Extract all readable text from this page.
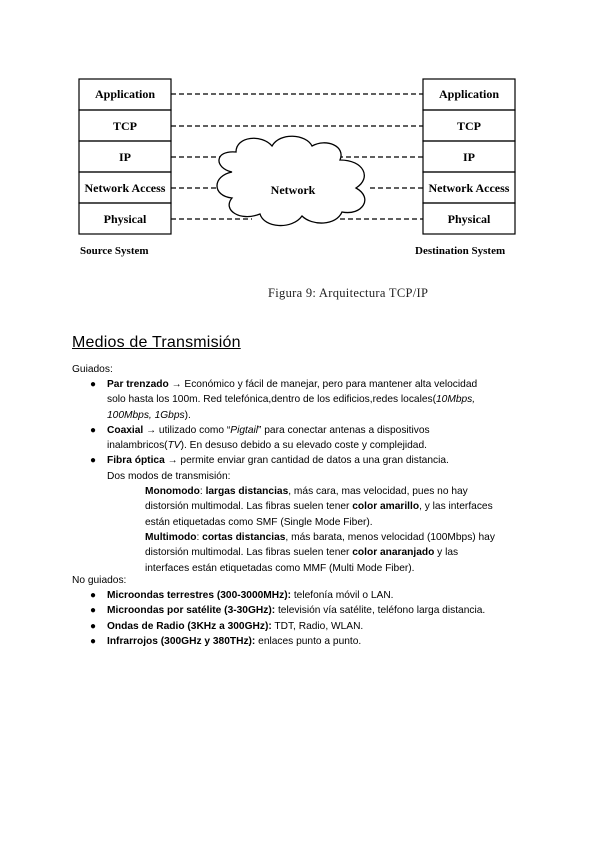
Application
TCP
IP
Network Access
Physical
Application
TCP
IP
Network Access
Physical
Network
Source System	Destination System
Figura 9: Arquitectura TCP/IP
Medios de Transmisión
Guiados:
● Par trenzado → Económico y fácil de manejar, pero para mantener alta velocidad
solo hasta los 100m. Red telefónica,dentro de los edificios,redes locales(10Mbps,
100Mbps, 1Gbps).
● Coaxial → utilizado como “Pigtail” para conectar antenas a dispositivos
inalambricos(TV). En desuso debido a su elevado coste y complejidad.
● Fibra óptica → permite enviar gran cantidad de datos a una gran distancia.
Dos modos de transmisión:
Monomodo: largas distancias, más cara, mas velocidad, pues no hay
distorsión multimodal. Las fibras suelen tener color amarillo, y las interfaces
están etiquetadas como SMF (Single Mode Fiber).
Multimodo: cortas distancias, más barata, menos velocidad (100Mbps) hay
distorsión multimodal. Las fibras suelen tener color anaranjado y las
interfaces están etiquetadas como MMF (Multi Mode Fiber).
No guiados:
● Microondas terrestres (300-3000MHz): telefonía móvil o LAN.
● Microondas por satélite (3-30GHz): televisión vía satélite, teléfono larga distancia.
● Ondas de Radio (3KHz a 300GHz): TDT, Radio, WLAN.
● Infrarrojos (300GHz y 380THz): enlaces punto a punto.
